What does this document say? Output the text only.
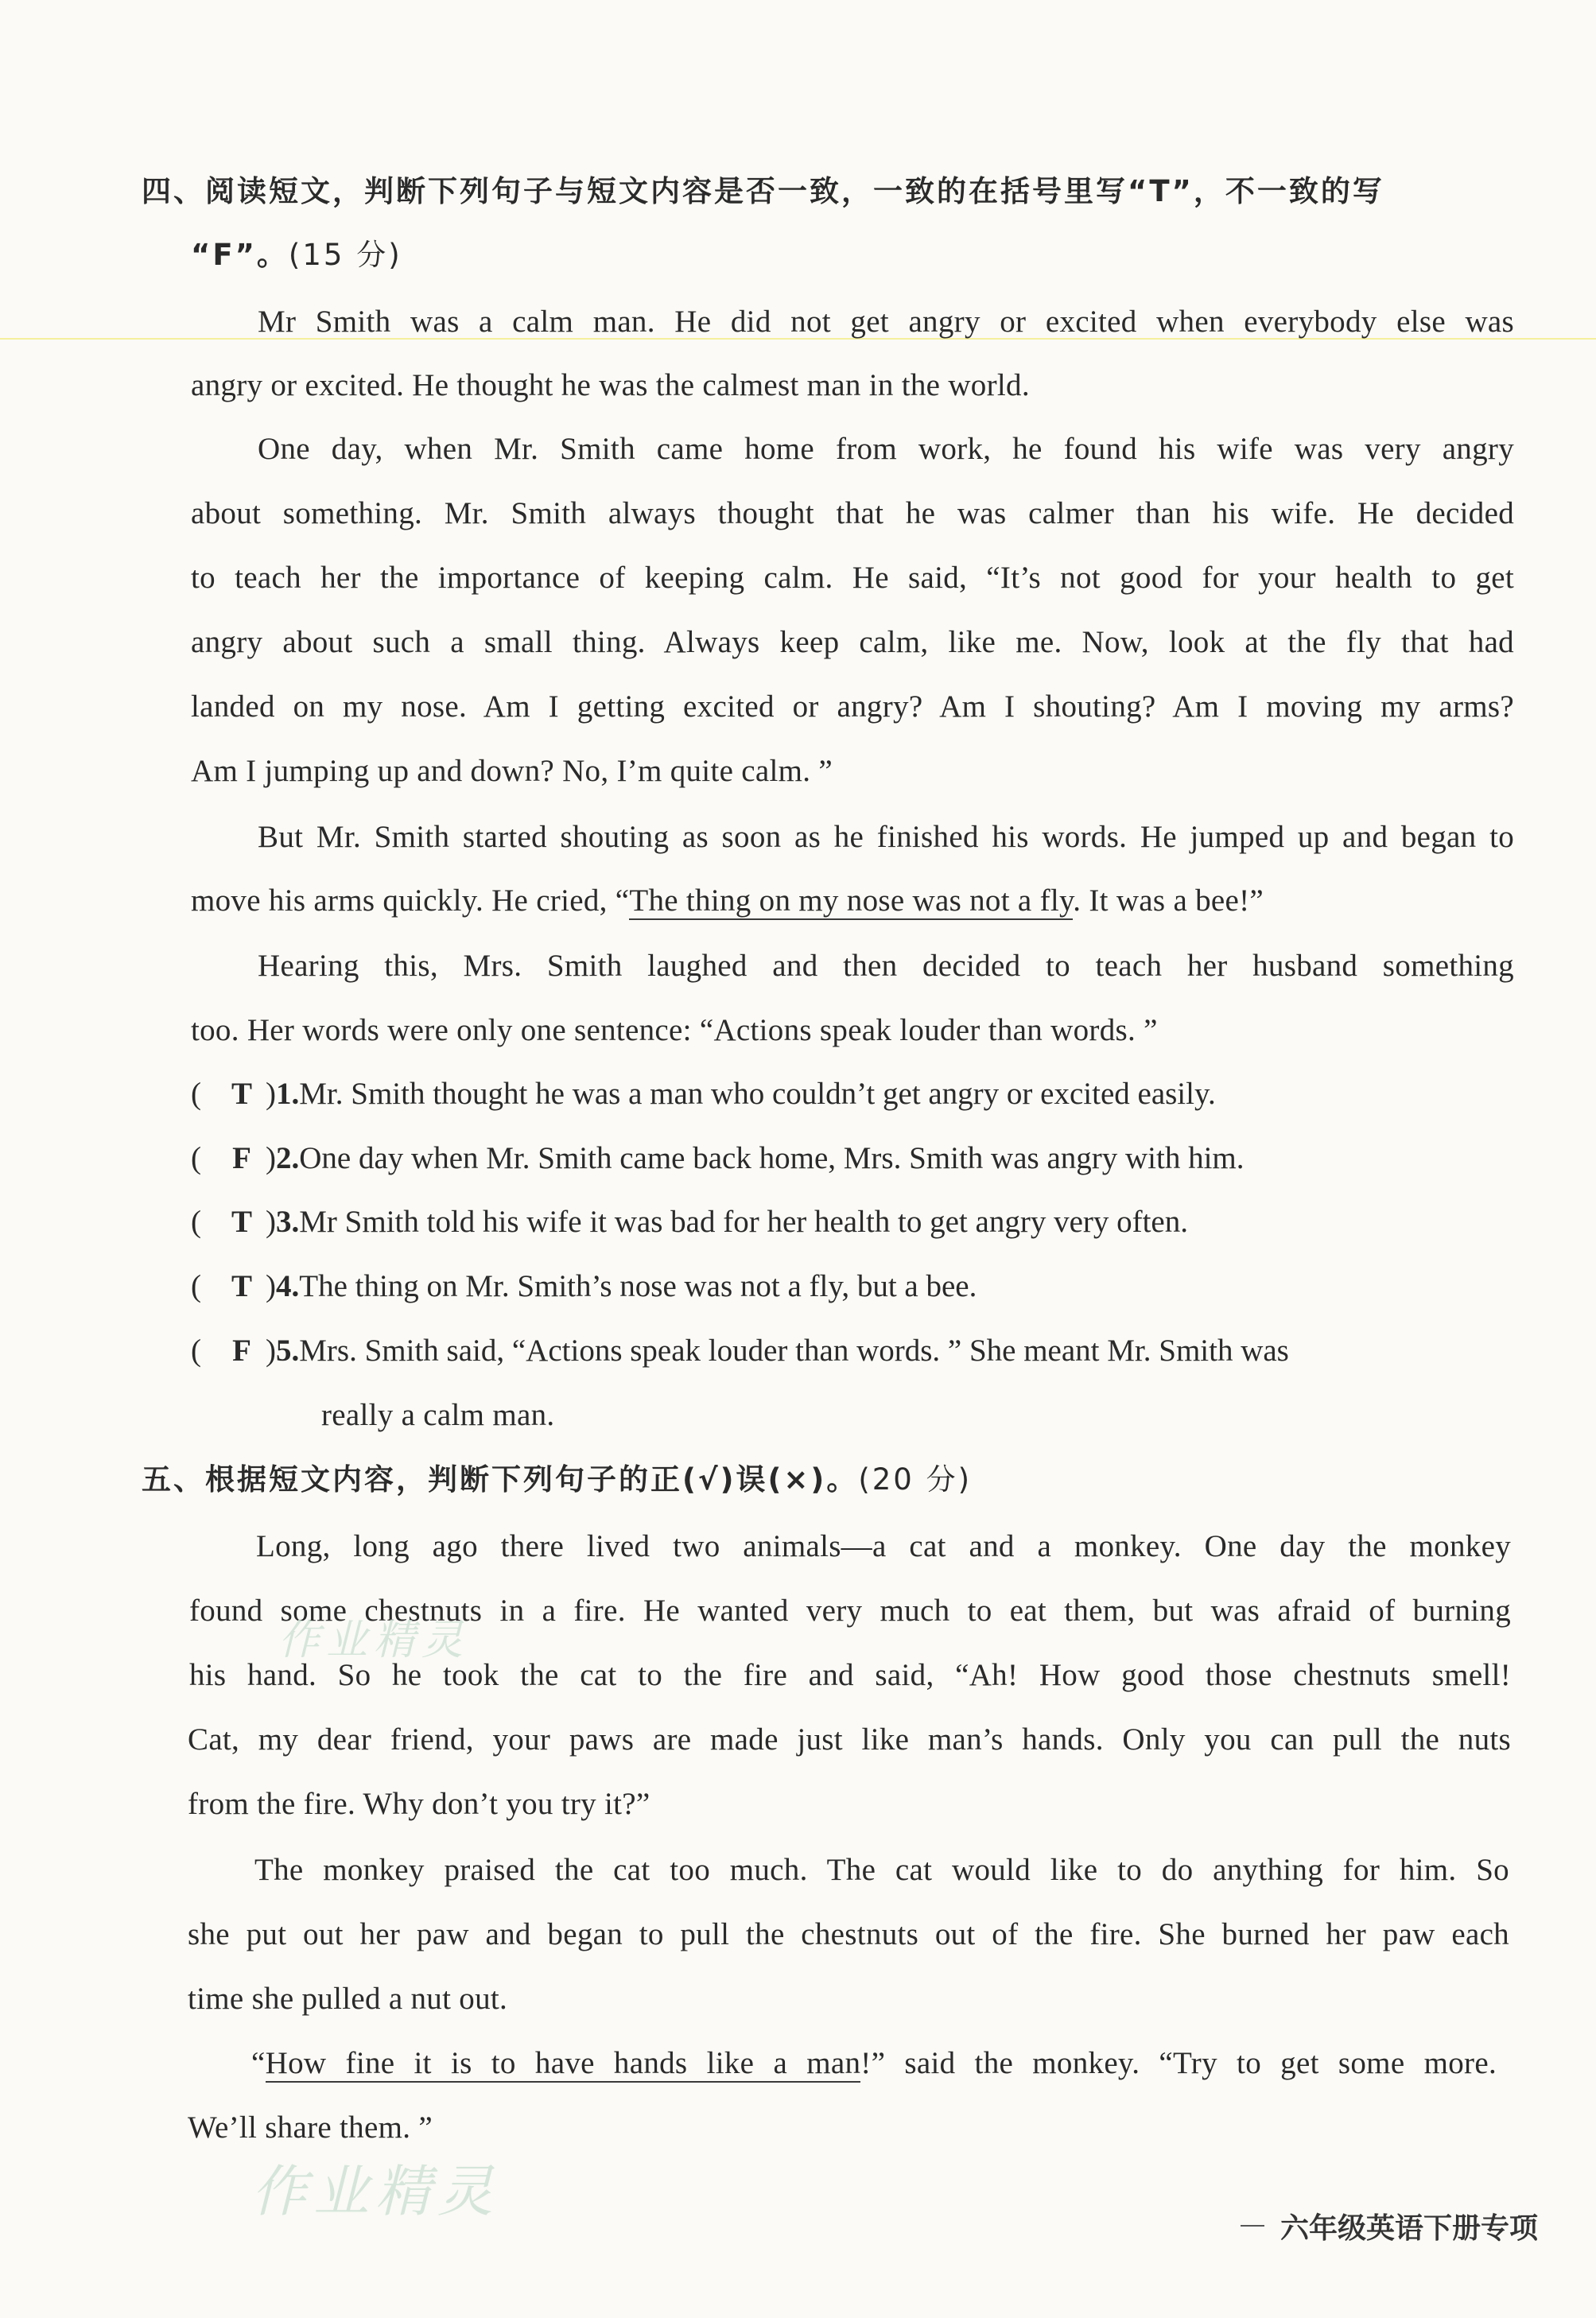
四、阅读短文，判断下列句子与短文内容是否一致，一致的在括号里写“T”，不一致的写
“F”。(15 分)
Mr Smith was a calm man. He did not get angry or excited when everybody else was
angry or excited. He thought he was the calmest man in the world.
One day, when Mr. Smith came home from work, he found his wife was very angry
about something. Mr. Smith always thought that he was calmer than his wife. He decided
to teach her the importance of keeping calm. He said, “It’s not good for your health to get
angry about such a small thing. Always keep calm, like me. Now, look at the fly that had
landed on my nose. Am I getting excited or angry? Am I shouting? Am I moving my arms?
Am I jumping up and down? No, I’m quite calm. ”
But Mr. Smith started shouting as soon as he finished his words. He jumped up and began to
move his arms quickly. He cried, “The thing on my nose was not a fly. It was a bee!”
Hearing this, Mrs. Smith laughed and then decided to teach her husband something
too. Her words were only one sentence: “Actions speak louder than words. ”
( T )1.Mr. Smith thought he was a man who couldn’t get angry or excited easily.
( F )2.One day when Mr. Smith came back home, Mrs. Smith was angry with him.
( T )3.Mr Smith told his wife it was bad for her health to get angry very often.
( T )4.The thing on Mr. Smith’s nose was not a fly, but a bee.
( F )5.Mrs. Smith said, “Actions speak louder than words. ” She meant Mr. Smith was
really a calm man.
五、根据短文内容，判断下列句子的正(√)误(×)。(20 分)
Long, long ago there lived two animals—a cat and a monkey. One day the monkey
found some chestnuts in a fire. He wanted very much to eat them, but was afraid of burning
his hand. So he took the cat to the fire and said, “Ah! How good those chestnuts smell!
Cat, my dear friend, your paws are made just like man’s hands. Only you can pull the nuts
from the fire. Why don’t you try it?”
The monkey praised the cat too much. The cat would like to do anything for him. So
she put out her paw and began to pull the chestnuts out of the fire. She burned her paw each
time she pulled a nut out.
“How fine it is to have hands like a man!” said the monkey. “Try to get some more.
We’ll share them. ”
作业精灵
作业精灵
六年级英语下册专项
